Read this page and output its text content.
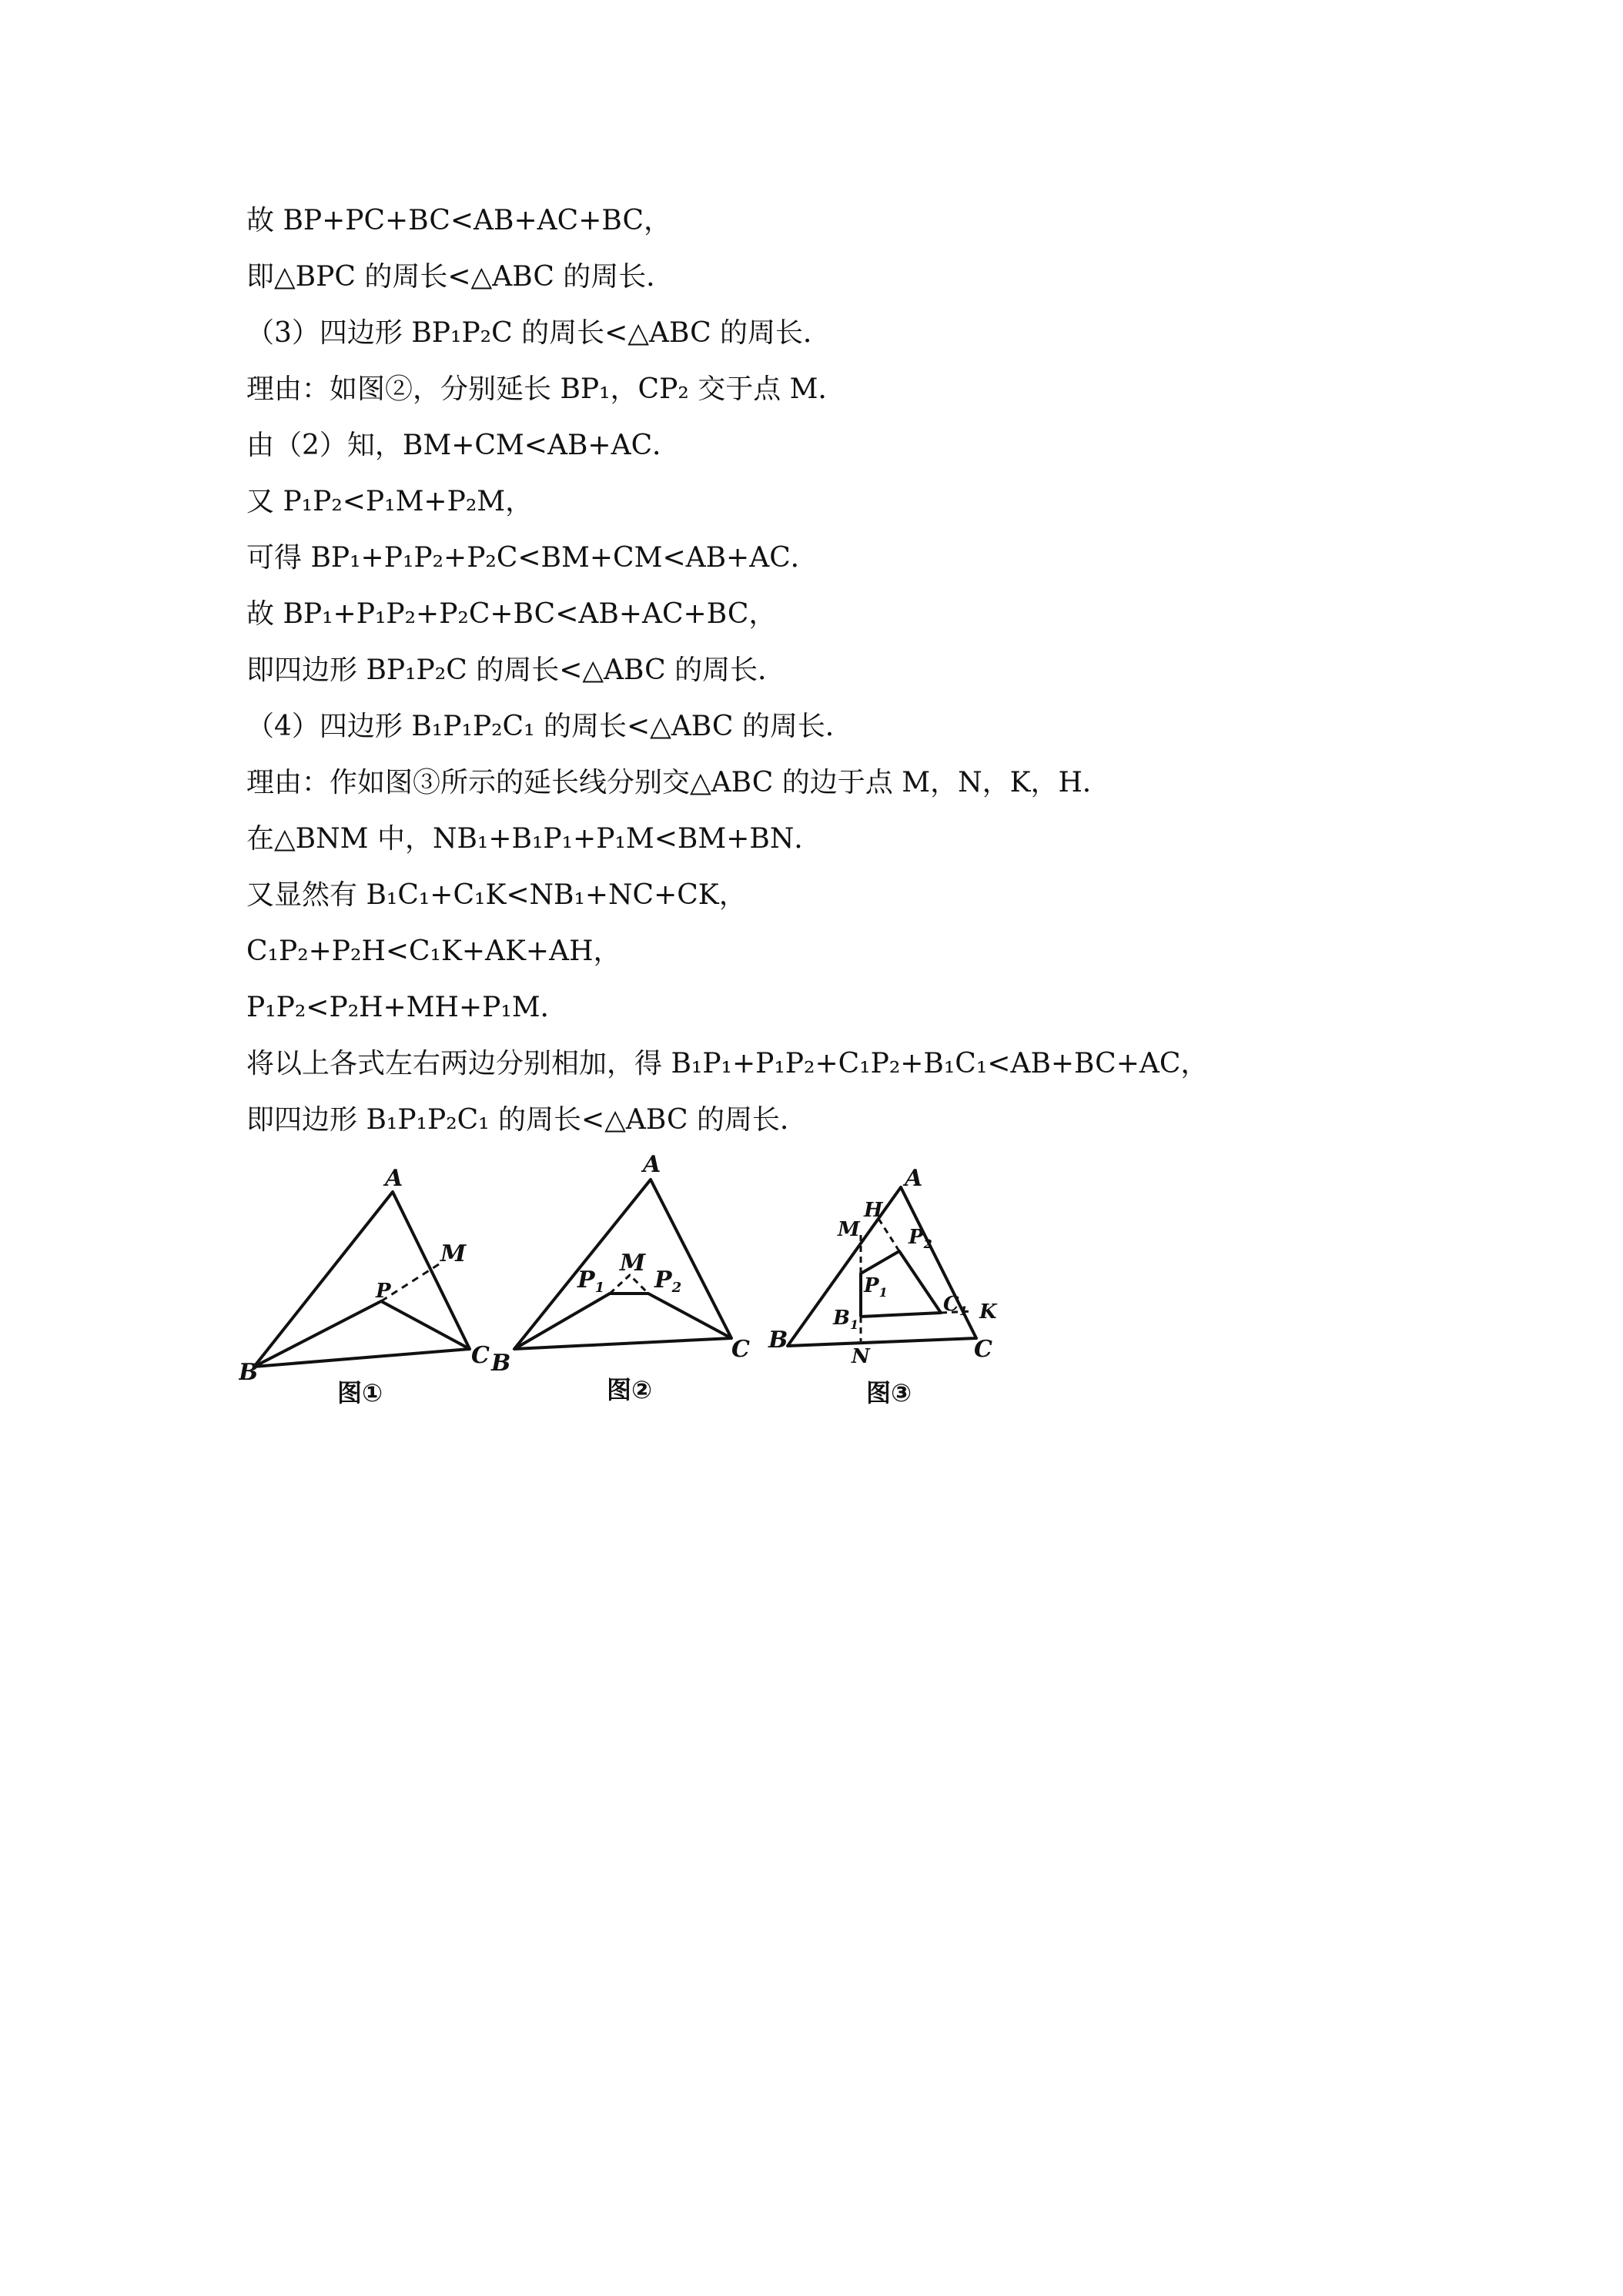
故 BP+PC+BC<AB+AC+BC，
即△BPC 的周长<△ABC 的周长．
（3）四边形 BP₁P₂C 的周长<△ABC 的周长．
理由：如图②，分别延长 BP₁，CP₂ 交于点 M．
由（2）知，BM+CM<AB+AC．
又 P₁P₂<P₁M+P₂M，
可得 BP₁+P₁P₂+P₂C<BM+CM<AB+AC．
故 BP₁+P₁P₂+P₂C+BC<AB+AC+BC，
即四边形 BP₁P₂C 的周长<△ABC 的周长．
（4）四边形 B₁P₁P₂C₁ 的周长<△ABC 的周长．
理由：作如图③所示的延长线分别交△ABC 的边于点 M，N，K，H．
在△BNM 中，NB₁+B₁P₁+P₁M<BM+BN．
又显然有 B₁C₁+C₁K<NB₁+NC+CK，
C₁P₂+P₂H<C₁K+AK+AH，
P₁P₂<P₂H+MH+P₁M．
将以上各式左右两边分别相加，得 B₁P₁+P₁P₂+C₁P₂+B₁C₁<AB+BC+AC，
即四边形 B₁P₁P₂C₁ 的周长<△ABC 的周长．
A
B
C
P
M
A
B
C
M
$P_1$ $P_2$
A
B	C
H
M
N
K
$P_2$
$P_1$
$B_1$
$C_1$
图①	图②	图③
